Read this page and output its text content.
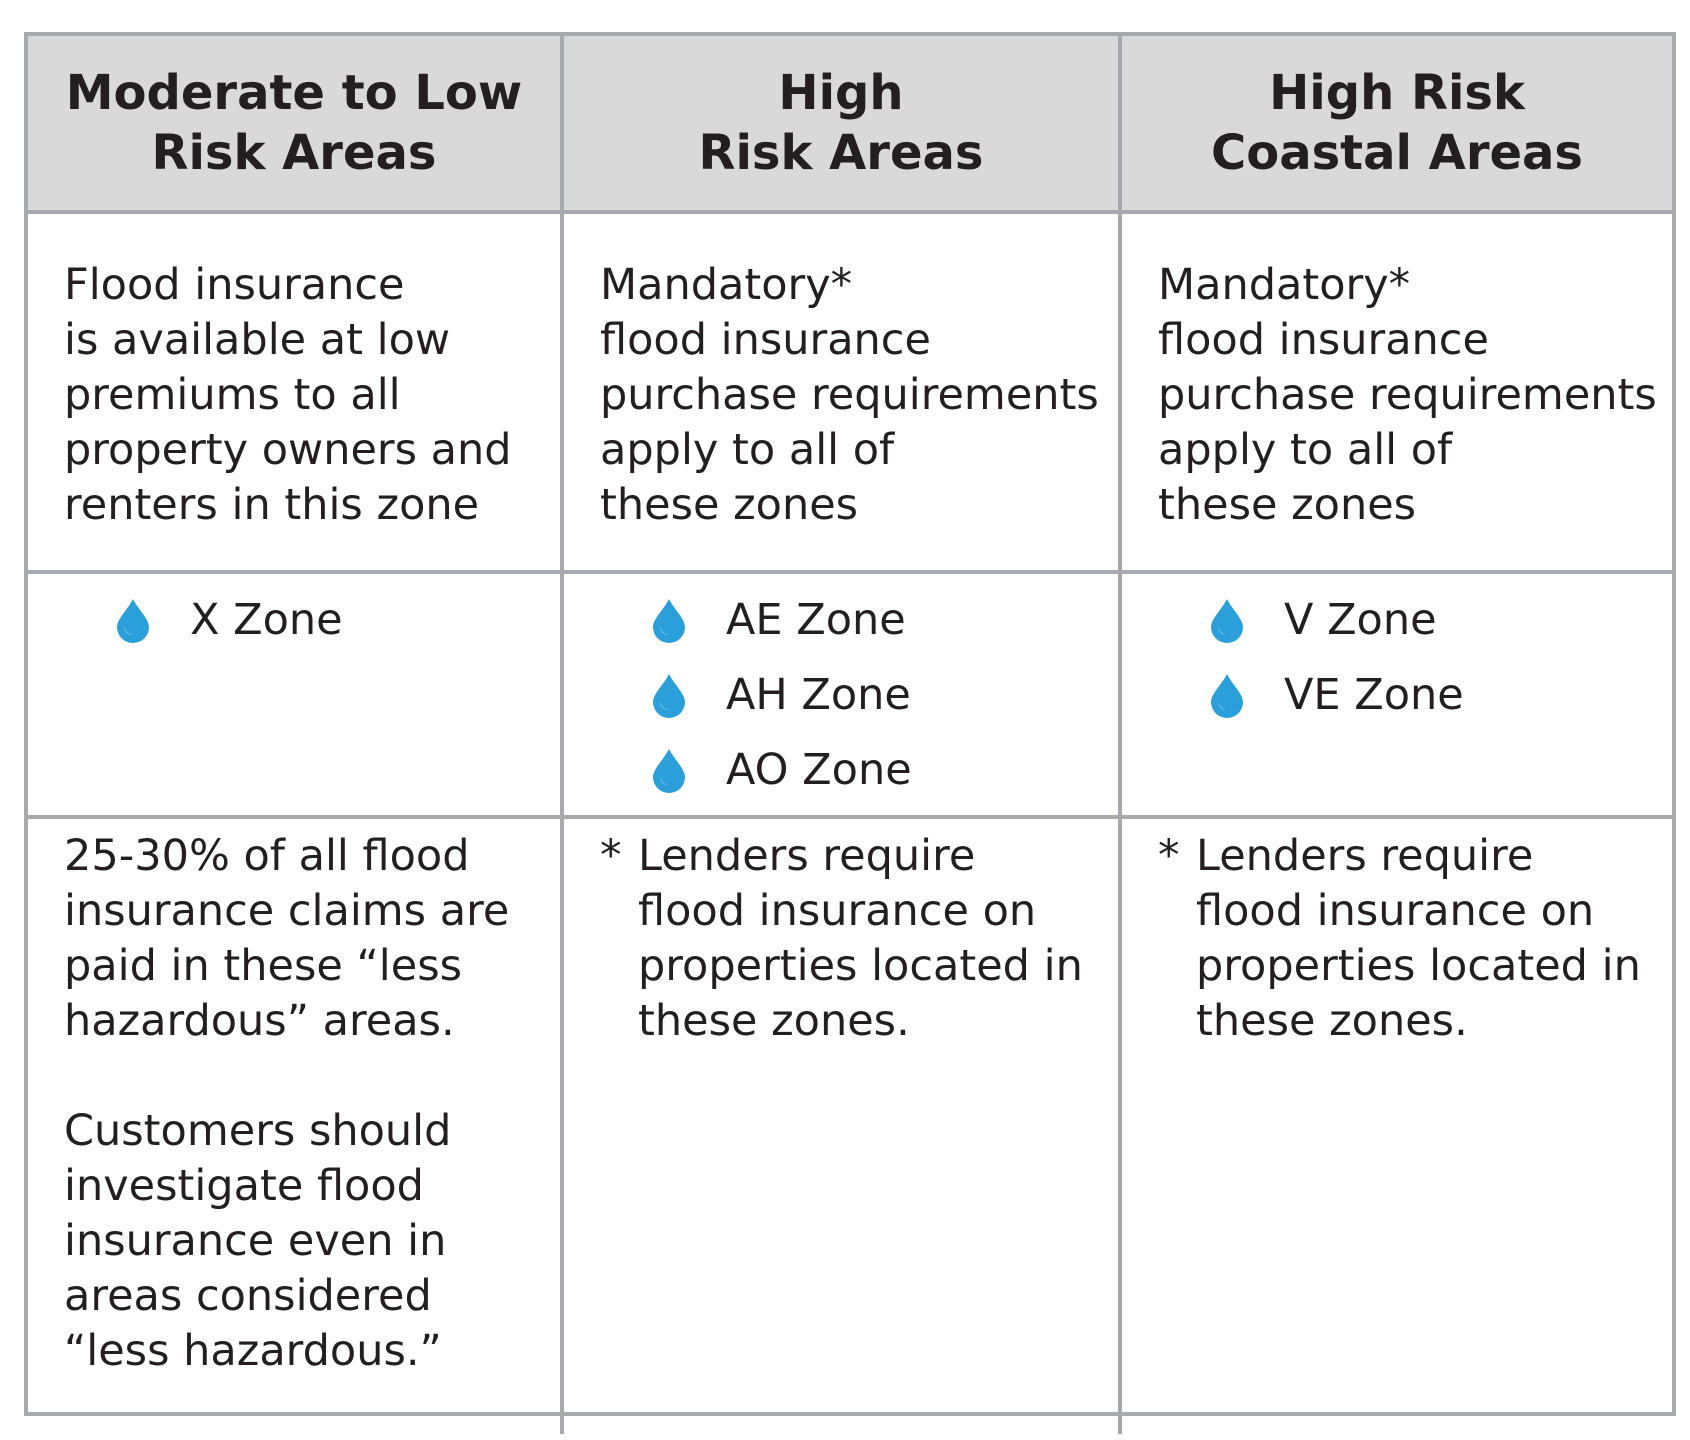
Moderate to Low
Risk Areas
High
Risk Areas
High Risk
Coastal Areas
Flood insurance
is available at low
premiums to all
property owners and
renters in this zone
Mandatory*
flood insurance
purchase requirements
apply to all of
these zones
Mandatory*
flood insurance
purchase requirements
apply to all of
these zones
X Zone	AE Zone
AH Zone
AO Zone
V Zone
VE Zone

25-30% of all flood
insurance claims are
paid in these “less
hazardous” areas.

Customers should
investigate flood
insurance even in
areas considered
“less hazardous.”

* Lenders require
flood insurance on
properties located in
these zones.
* Lenders require
flood insurance on
properties located in
these zones.
